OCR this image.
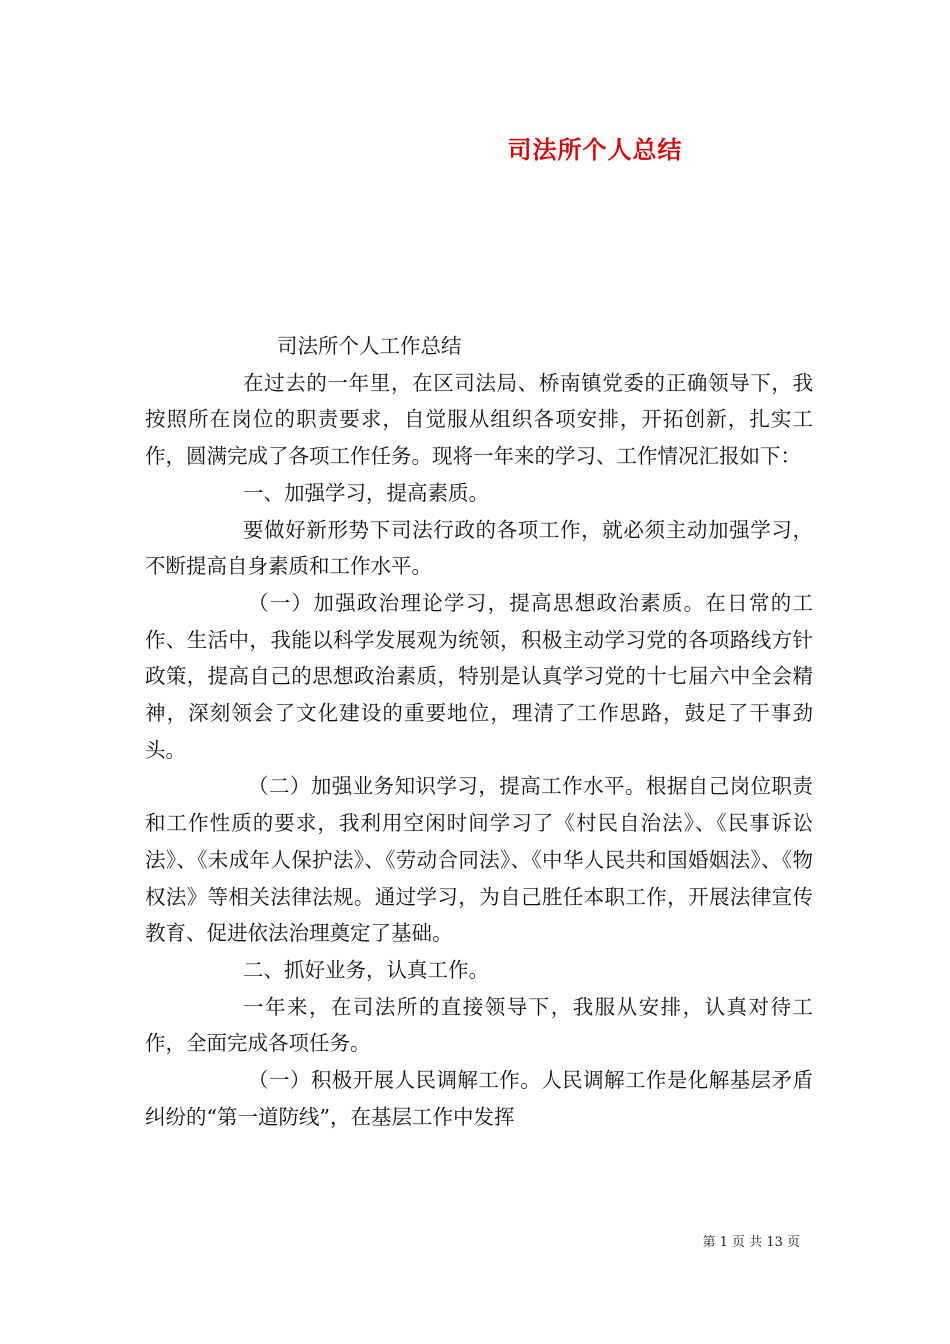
司法所个人总结

司法所个人工作总结

在过去的一年里，在区司法局、桥南镇党委的正确领导下，我按照所在岗位的职责要求，自觉服从组织各项安排，开拓创新，扎实工作，圆满完成了各项工作任务。现将一年来的学习、工作情况汇报如下：

一、加强学习，提高素质。

要做好新形势下司法行政的各项工作，就必须主动加强学习，不断提高自身素质和工作水平。

（一）加强政治理论学习，提高思想政治素质。在日常的工作、生活中，我能以科学发展观为统领，积极主动学习党的各项路线方针政策，提高自己的思想政治素质，特别是认真学习党的十七届六中全会精神，深刻领会了文化建设的重要地位，理清了工作思路，鼓足了干事劲头。

（二）加强业务知识学习，提高工作水平。根据自己岗位职责和工作性质的要求，我利用空闲时间学习了《村民自治法》、《民事诉讼法》、《未成年人保护法》、《劳动合同法》、《中华人民共和国婚姻法》、《物权法》等相关法律法规。通过学习，为自己胜任本职工作，开展法律宣传教育、促进依法治理奠定了基础。

二、抓好业务，认真工作。

一年来，在司法所的直接领导下，我服从安排，认真对待工作，全面完成各项任务。

（一）积极开展人民调解工作。人民调解工作是化解基层矛盾纠纷的“第一道防线”，在基层工作中发挥

第 1 页 共 13 页
